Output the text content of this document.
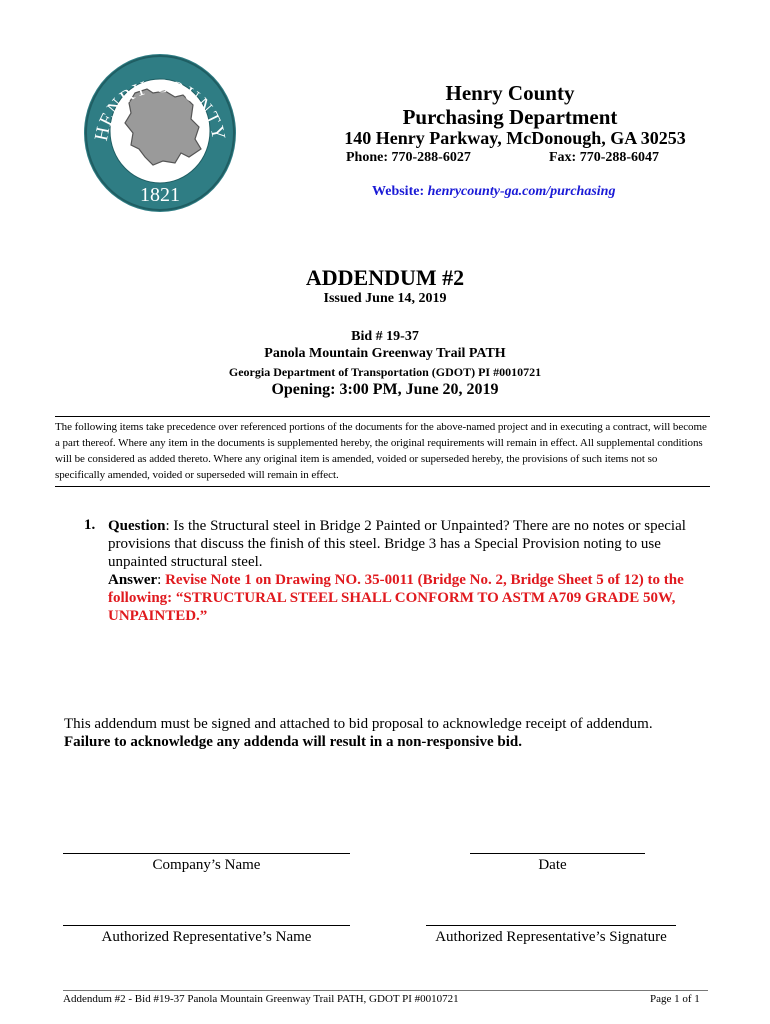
HENRY COUNTY
1821
Henry County
Purchasing Department
140 Henry Parkway, McDonough, GA 30253
Phone: 770-288-6027	Fax: 770-288-6047
Website: henrycounty-ga.com/purchasing
ADDENDUM #2
Issued June 14, 2019
Bid # 19-37
Panola Mountain Greenway Trail PATH
Georgia Department of Transportation (GDOT) PI #0010721
Opening: 3:00 PM, June 20, 2019
The following items take precedence over referenced portions of the documents for the above-named project and in executing a contract, will become a part thereof. Where any item in the documents is supplemented hereby, the original requirements will remain in effect. All supplemental conditions will be considered as added thereto. Where any original item is amended, voided or superseded hereby, the provisions of such items not so specifically amended, voided or superseded will remain in effect.
1. Question: Is the Structural steel in Bridge 2 Painted or Unpainted? There are no notes or special provisions that discuss the finish of this steel. Bridge 3 has a Special Provision noting to use unpainted structural steel.
Answer: Revise Note 1 on Drawing NO. 35-0011 (Bridge No. 2, Bridge Sheet 5 of 12) to the following: “STRUCTURAL STEEL SHALL CONFORM TO ASTM A709 GRADE 50W, UNPAINTED.”
This addendum must be signed and attached to bid proposal to acknowledge receipt of addendum.
Failure to acknowledge any addenda will result in a non-responsive bid.
Company’s Name	Date
Authorized Representative’s Name	Authorized Representative’s Signature
Addendum #2 - Bid #19-37 Panola Mountain Greenway Trail PATH, GDOT PI #0010721	Page 1 of 1
